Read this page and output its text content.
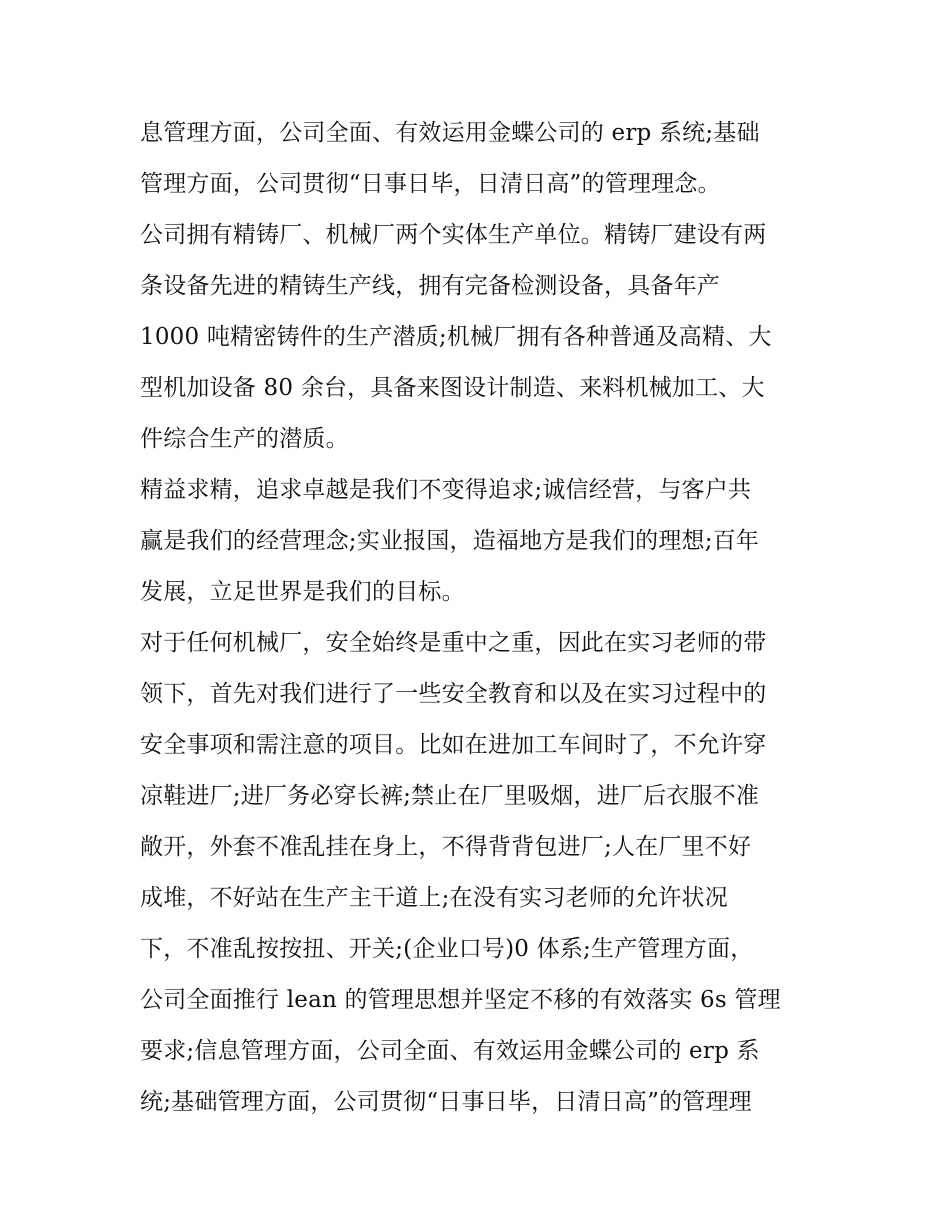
息管理方面，公司全面、有效运用金蝶公司的 erp 系统;基础
管理方面，公司贯彻“日事日毕，日清日高”的管理理念。
公司拥有精铸厂、机械厂两个实体生产单位。精铸厂建设有两
条设备先进的精铸生产线，拥有完备检测设备，具备年产
1000 吨精密铸件的生产潜质;机械厂拥有各种普通及高精、大
型机加设备 80 余台，具备来图设计制造、来料机械加工、大
件综合生产的潜质。
精益求精，追求卓越是我们不变得追求;诚信经营，与客户共
赢是我们的经营理念;实业报国，造福地方是我们的理想;百年
发展，立足世界是我们的目标。
对于任何机械厂，安全始终是重中之重，因此在实习老师的带
领下，首先对我们进行了一些安全教育和以及在实习过程中的
安全事项和需注意的项目。比如在进加工车间时了，不允许穿
凉鞋进厂;进厂务必穿长裤;禁止在厂里吸烟，进厂后衣服不准
敞开，外套不准乱挂在身上，不得背背包进厂;人在厂里不好
成堆，不好站在生产主干道上;在没有实习老师的允许状况
下，不准乱按按扭、开关;(企业口号)0 体系;生产管理方面，
公司全面推行 lean 的管理思想并坚定不移的有效落实 6s 管理
要求;信息管理方面，公司全面、有效运用金蝶公司的 erp 系
统;基础管理方面，公司贯彻“日事日毕，日清日高”的管理理
